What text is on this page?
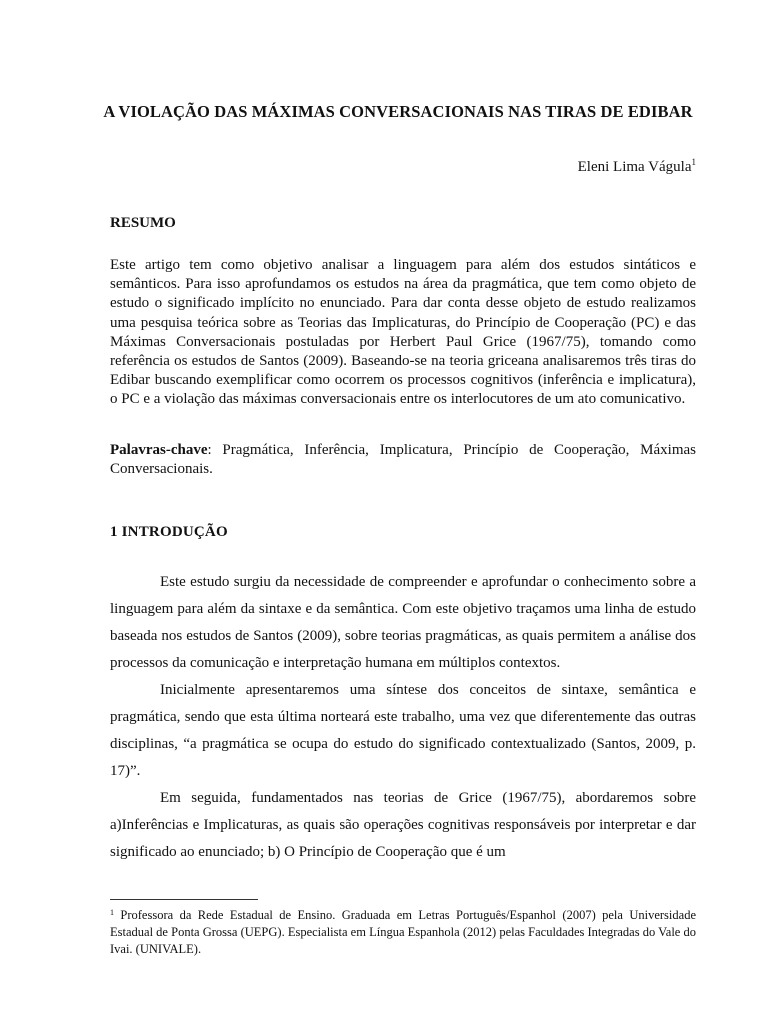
A VIOLAÇÃO DAS MÁXIMAS CONVERSACIONAIS NAS TIRAS DE EDIBAR
Eleni Lima Vágula$^1$
RESUMO

Este artigo tem como objetivo analisar a linguagem para além dos estudos sintáticos e semânticos. Para isso aprofundamos os estudos na área da pragmática, que tem como objeto de estudo o significado implícito no enunciado. Para dar conta desse objeto de estudo realizamos uma pesquisa teórica sobre as Teorias das Implicaturas, do Princípio de Cooperação (PC) e das Máximas Conversacionais postuladas por Herbert Paul Grice (1967/75), tomando como referência os estudos de Santos (2009). Baseando-se na teoria griceana analisaremos três tiras do Edibar buscando exemplificar como ocorrem os processos cognitivos (inferência e implicatura), o PC e a violação das máximas conversacionais entre os interlocutores de um ato comunicativo.

Palavras-chave: Pragmática, Inferência, Implicatura, Princípio de Cooperação, Máximas Conversacionais.

1 INTRODUÇÃO

Este estudo surgiu da necessidade de compreender e aprofundar o conhecimento sobre a linguagem para além da sintaxe e da semântica. Com este objetivo traçamos uma linha de estudo baseada nos estudos de Santos (2009), sobre teorias pragmáticas, as quais permitem a análise dos processos da comunicação e interpretação humana em múltiplos contextos.

Inicialmente apresentaremos uma síntese dos conceitos de sintaxe, semântica e pragmática, sendo que esta última norteará este trabalho, uma vez que diferentemente das outras disciplinas, “a pragmática se ocupa do estudo do significado contextualizado (Santos, 2009, p. 17)”.

Em seguida, fundamentados nas teorias de Grice (1967/75), abordaremos sobre a)Inferências e Implicaturas, as quais são operações cognitivas responsáveis por interpretar e dar significado ao enunciado; b) O Princípio de Cooperação que é um

$^1$ Professora da Rede Estadual de Ensino. Graduada em Letras Português/Espanhol (2007) pela Universidade Estadual de Ponta Grossa (UEPG). Especialista em Língua Espanhola (2012) pelas Faculdades Integradas do Vale do Ivai. (UNIVALE).
